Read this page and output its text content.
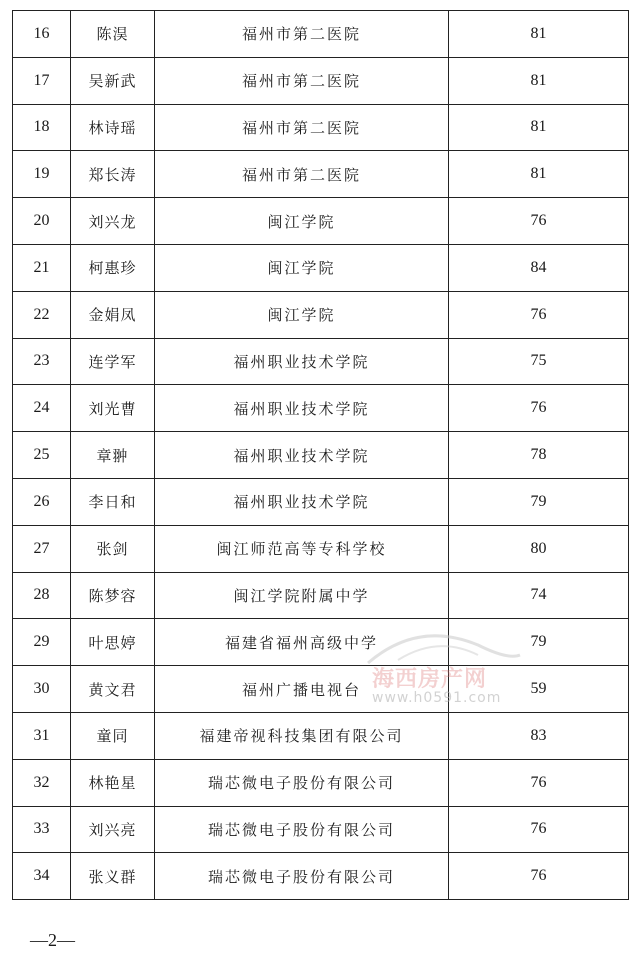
16	陈淏	福州市第二医院	81
17	吴新武	福州市第二医院	81
18	林诗瑶	福州市第二医院	81
19	郑长涛	福州市第二医院	81
20	刘兴龙	闽江学院	76
21	柯惠珍	闽江学院	84
22	金娟凤	闽江学院	76
23	连学军	福州职业技术学院	75
24	刘光曹	福州职业技术学院	76
25	章翀	福州职业技术学院	78
26	李日和	福州职业技术学院	79
27	张剑	闽江师范高等专科学校	80
28	陈梦容	闽江学院附属中学	74
29	叶思婷	福建省福州高级中学	79
30	黄文君	福州广播电视台	59
31	童同	福建帝视科技集团有限公司	83
32	林艳星	瑞芯微电子股份有限公司	76
33	刘兴亮	瑞芯微电子股份有限公司	76
34	张义群	瑞芯微电子股份有限公司	76
海西房产网
www.h0591.com
—2—
